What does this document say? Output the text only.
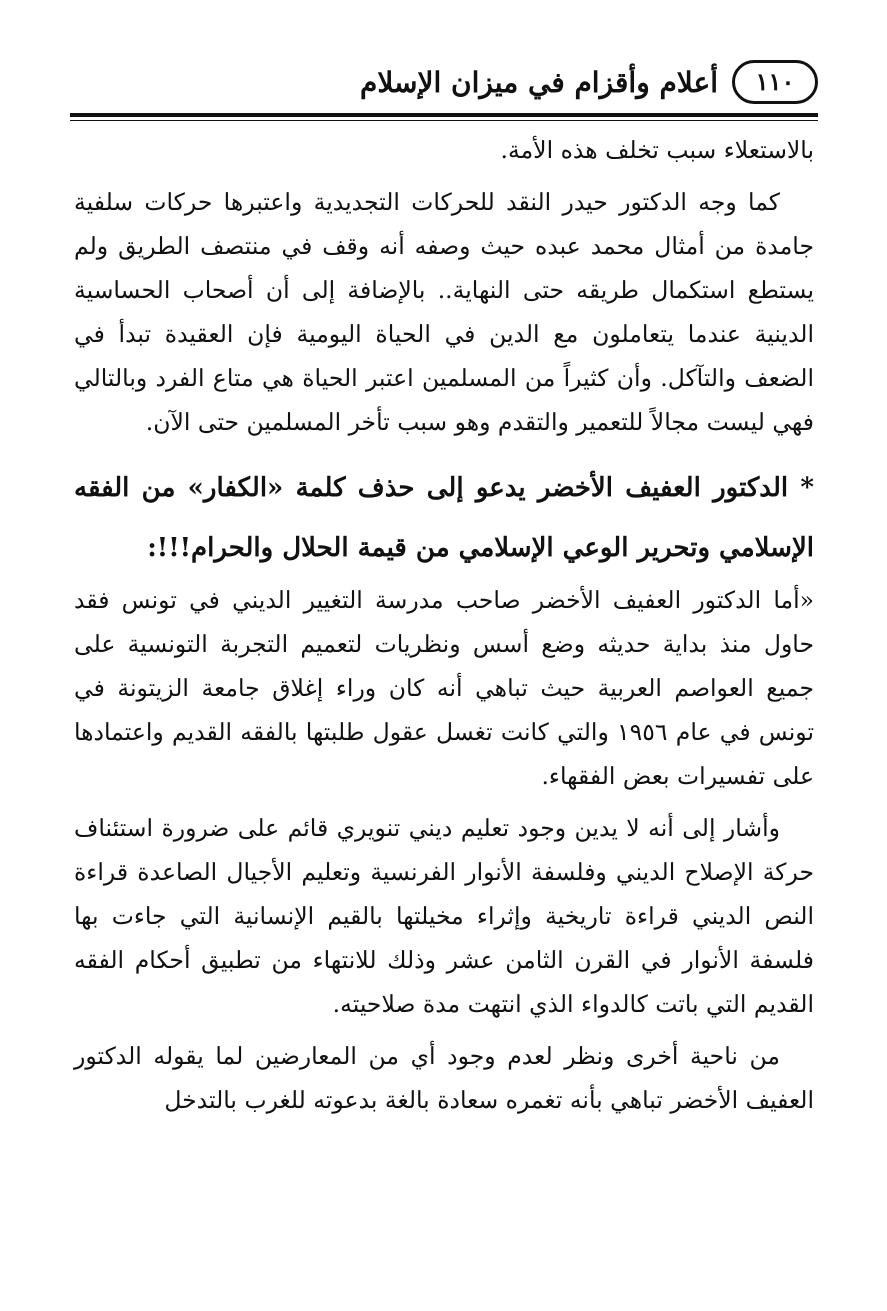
أعلام وأقزام في ميزان الإسلام	١١٠

بالاستعلاء سبب تخلف هذه الأمة.

كما وجه الدكتور حيدر النقد للحركات التجديدية واعتبرها حركات سلفية جامدة من أمثال محمد عبده حيث وصفه أنه وقف في منتصف الطريق ولم يستطع استكمال طريقه حتى النهاية.. بالإضافة إلى أن أصحاب الحساسية الدينية عندما يتعاملون مع الدين في الحياة اليومية فإن العقيدة تبدأ في الضعف والتآكل. وأن كثيراً من المسلمين اعتبر الحياة هي متاع الفرد وبالتالي فهي ليست مجالاً للتعمير والتقدم وهو سبب تأخر المسلمين حتى الآن.

* الدكتور العفيف الأخضر يدعو إلى حذف كلمة «الكفار» من الفقه الإسلامي وتحرير الوعي الإسلامي من قيمة الحلال والحرام!!!:

«أما الدكتور العفيف الأخضر صاحب مدرسة التغيير الديني في تونس فقد حاول منذ بداية حديثه وضع أسس ونظريات لتعميم التجربة التونسية على جميع العواصم العربية حيث تباهي أنه كان وراء إغلاق جامعة الزيتونة في تونس في عام ١٩٥٦ والتي كانت تغسل عقول طلبتها بالفقه القديم واعتمادها على تفسيرات بعض الفقهاء.

وأشار إلى أنه لا يدين وجود تعليم ديني تنويري قائم على ضرورة استئناف حركة الإصلاح الديني وفلسفة الأنوار الفرنسية وتعليم الأجيال الصاعدة قراءة النص الديني قراءة تاريخية وإثراء مخيلتها بالقيم الإنسانية التي جاءت بها فلسفة الأنوار في القرن الثامن عشر وذلك للانتهاء من تطبيق أحكام الفقه القديم التي باتت كالدواء الذي انتهت مدة صلاحيته.

من ناحية أخرى ونظر لعدم وجود أي من المعارضين لما يقوله الدكتور العفيف الأخضر تباهي بأنه تغمره سعادة بالغة بدعوته للغرب بالتدخل
